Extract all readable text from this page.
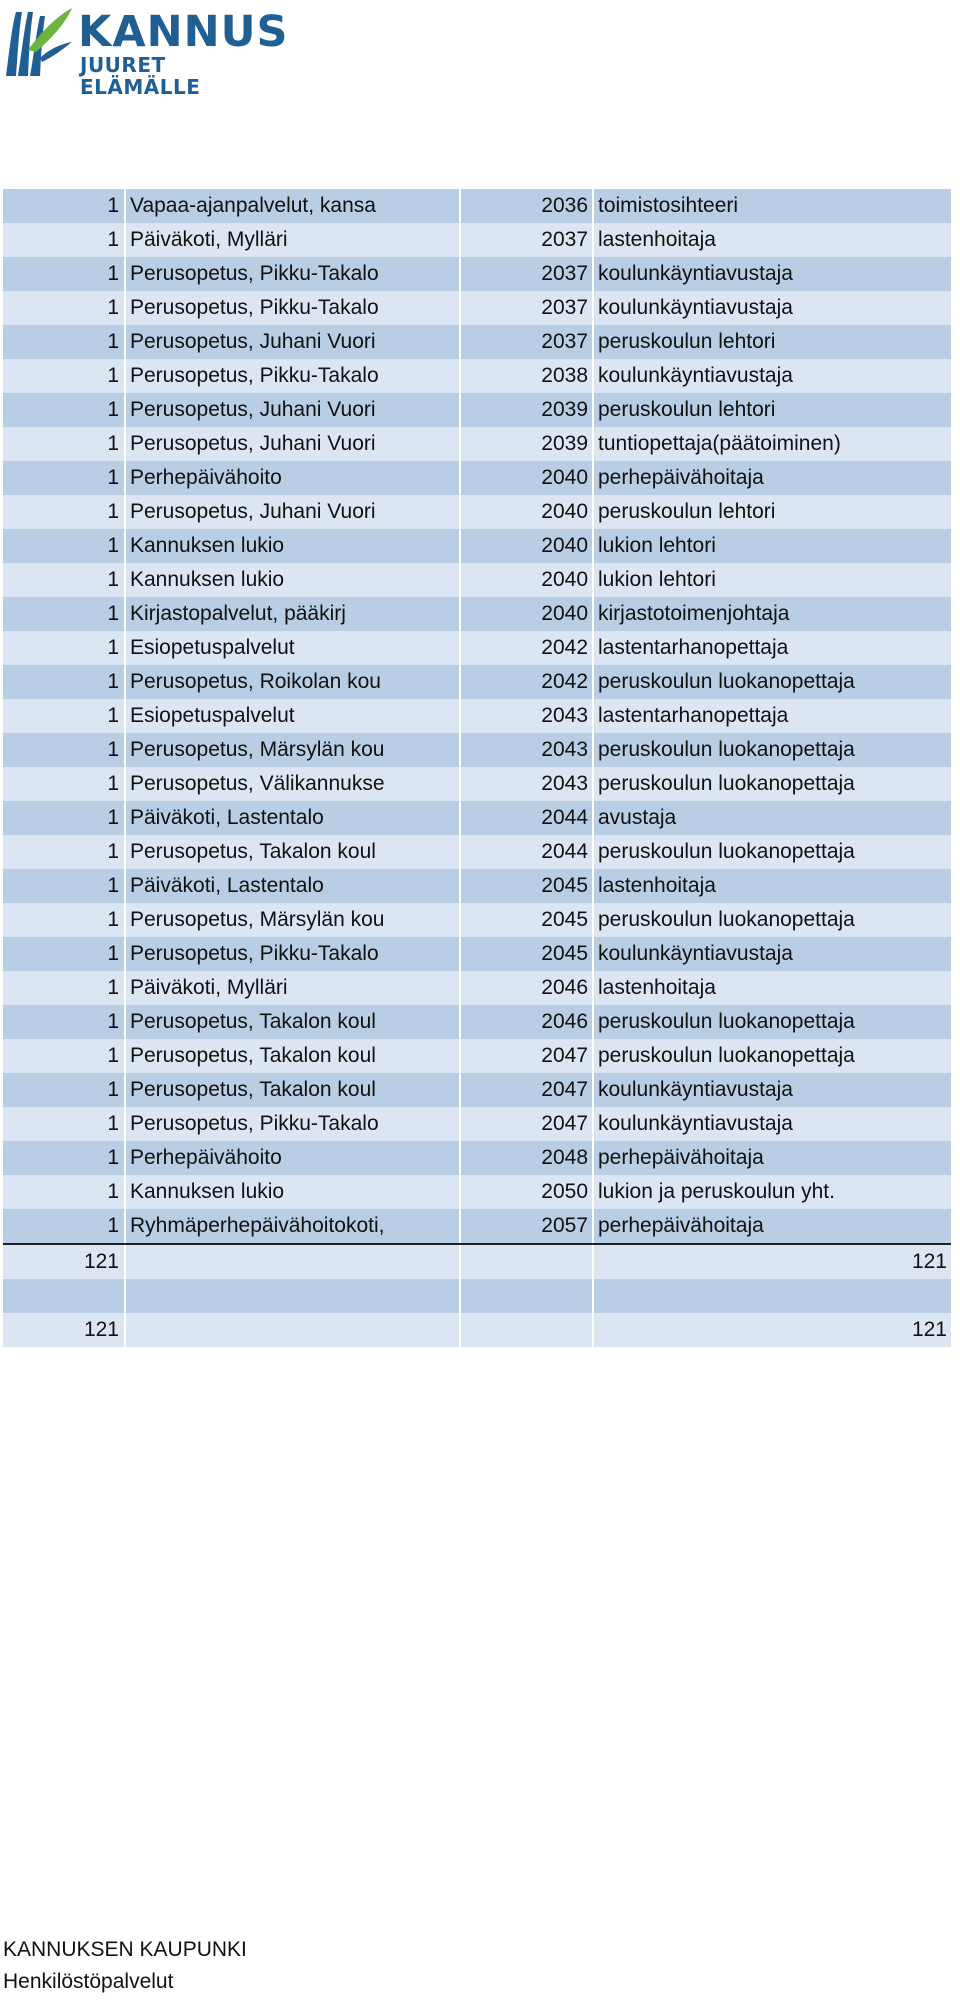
KANNUS
JUURET ELÄMÄLLE
1 Vapaa-ajanpalvelut, kansa	2036 toimistosihteeri
1 Päiväkoti, Mylläri	2037 lastenhoitaja
1 Perusopetus, Pikku-Takalo	2037 koulunkäyntiavustaja
1 Perusopetus, Pikku-Takalo	2037 koulunkäyntiavustaja
1 Perusopetus, Juhani Vuori	2037 peruskoulun lehtori
1 Perusopetus, Pikku-Takalo	2038 koulunkäyntiavustaja
1 Perusopetus, Juhani Vuori	2039 peruskoulun lehtori
1 Perusopetus, Juhani Vuori	2039 tuntiopettaja(päätoiminen)
1 Perhepäivähoito	2040 perhepäivähoitaja
1 Perusopetus, Juhani Vuori	2040 peruskoulun lehtori
1 Kannuksen lukio	2040 lukion lehtori
1 Kannuksen lukio	2040 lukion lehtori
1 Kirjastopalvelut, pääkirj	2040 kirjastotoimenjohtaja
1 Esiopetuspalvelut	2042 lastentarhanopettaja
1 Perusopetus, Roikolan kou	2042 peruskoulun luokanopettaja
1 Esiopetuspalvelut	2043 lastentarhanopettaja
1 Perusopetus, Märsylän kou	2043 peruskoulun luokanopettaja
1 Perusopetus, Välikannukse	2043 peruskoulun luokanopettaja
1 Päiväkoti, Lastentalo	2044 avustaja
1 Perusopetus, Takalon koul	2044 peruskoulun luokanopettaja
1 Päiväkoti, Lastentalo	2045 lastenhoitaja
1 Perusopetus, Märsylän kou	2045 peruskoulun luokanopettaja
1 Perusopetus, Pikku-Takalo	2045 koulunkäyntiavustaja
1 Päiväkoti, Mylläri	2046 lastenhoitaja
1 Perusopetus, Takalon koul	2046 peruskoulun luokanopettaja
1 Perusopetus, Takalon koul	2047 peruskoulun luokanopettaja
1 Perusopetus, Takalon koul	2047 koulunkäyntiavustaja
1 Perusopetus, Pikku-Takalo	2047 koulunkäyntiavustaja
1 Perhepäivähoito	2048 perhepäivähoitaja
1 Kannuksen lukio	2050 lukion ja peruskoulun yht.
1 Ryhmäperhepäivähoitokoti,	2057 perhepäivähoitaja
121	121
121	121
KANNUKSEN KAUPUNKI
Henkilöstöpalvelut
